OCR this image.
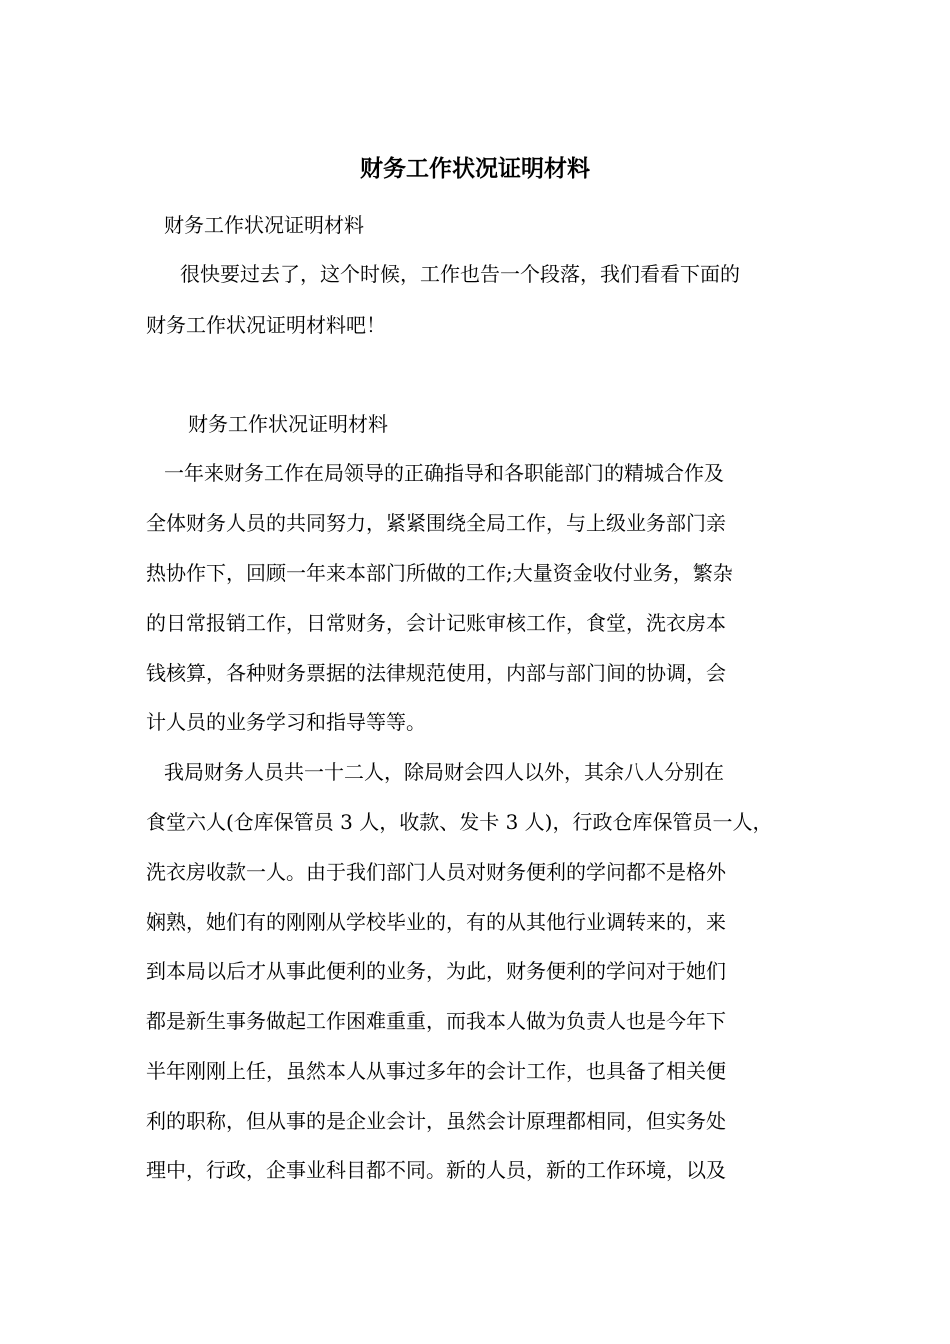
财务工作状况证明材料

财务工作状况证明材料

很快要过去了，这个时候，工作也告一个段落，我们看看下面的

财务工作状况证明材料吧！

财务工作状况证明材料

一年来财务工作在局领导的正确指导和各职能部门的精城合作及

全体财务人员的共同努力，紧紧围绕全局工作，与上级业务部门亲

热协作下，回顾一年来本部门所做的工作;大量资金收付业务，繁杂

的日常报销工作，日常财务，会计记账审核工作，食堂，洗衣房本

钱核算，各种财务票据的法律规范使用，内部与部门间的协调，会

计人员的业务学习和指导等等。

我局财务人员共一十二人，除局财会四人以外，其余八人分别在

食堂六人(仓库保管员 3 人，收款、发卡 3 人)，行政仓库保管员一人，

洗衣房收款一人。由于我们部门人员对财务便利的学问都不是格外

娴熟，她们有的刚刚从学校毕业的，有的从其他行业调转来的，来

到本局以后才从事此便利的业务，为此，财务便利的学问对于她们

都是新生事务做起工作困难重重，而我本人做为负责人也是今年下

半年刚刚上任，虽然本人从事过多年的会计工作，也具备了相关便

利的职称，但从事的是企业会计，虽然会计原理都相同，但实务处

理中，行政，企事业科目都不同。新的人员，新的工作环境，以及
